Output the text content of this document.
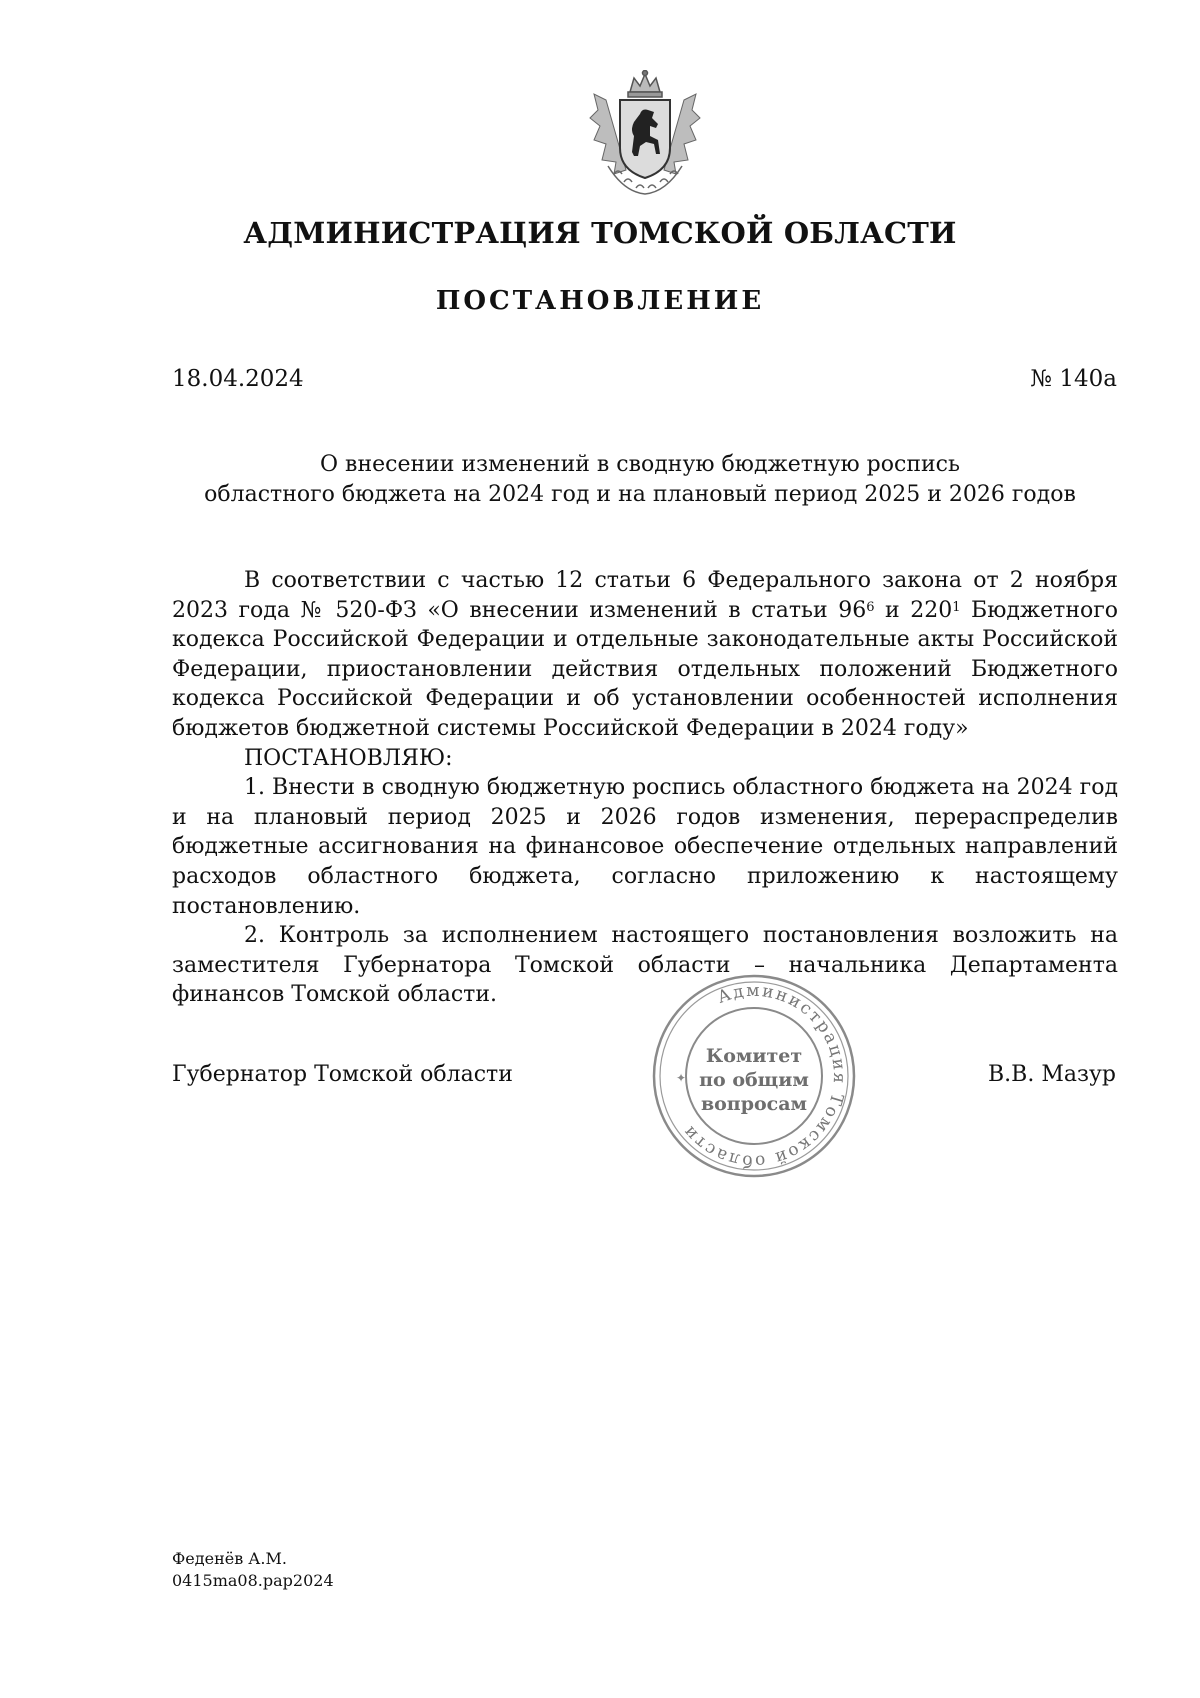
АДМИНИСТРАЦИЯ ТОМСКОЙ ОБЛАСТИ
ПОСТАНОВЛЕНИЕ
18.04.2024	№ 140а
О внесении изменений в сводную бюджетную роспись
областного бюджета на 2024 год и на плановый период 2025 и 2026 годов

В соответствии с частью 12 статьи 6 Федерального закона от 2 ноября 2023 года № 520-ФЗ «О внесении изменений в статьи $96^6$ и $220^1$ Бюджетного кодекса Российской Федерации и отдельные законодательные акты Российской Федерации, приостановлении действия отдельных положений Бюджетного кодекса Российской Федерации и об установлении особенностей исполнения бюджетов бюджетной системы Российской Федерации в 2024 году»

ПОСТАНОВЛЯЮ:

1. Внести в сводную бюджетную роспись областного бюджета на 2024 год и на плановый период 2025 и 2026 годов изменения, перераспределив бюджетные ассигнования на финансовое обеспечение отдельных направлений расходов областного бюджета, согласно приложению к настоящему постановлению.

2. Контроль за исполнением настоящего постановления возложить на заместителя Губернатора Томской области – начальника Департамента финансов Томской области.

Губернатор Томской области	В.В. Мазур
Администрация Томской области
Комитет
по общим
вопросам
✦
Феденёв А.М.
0415ma08.pap2024
